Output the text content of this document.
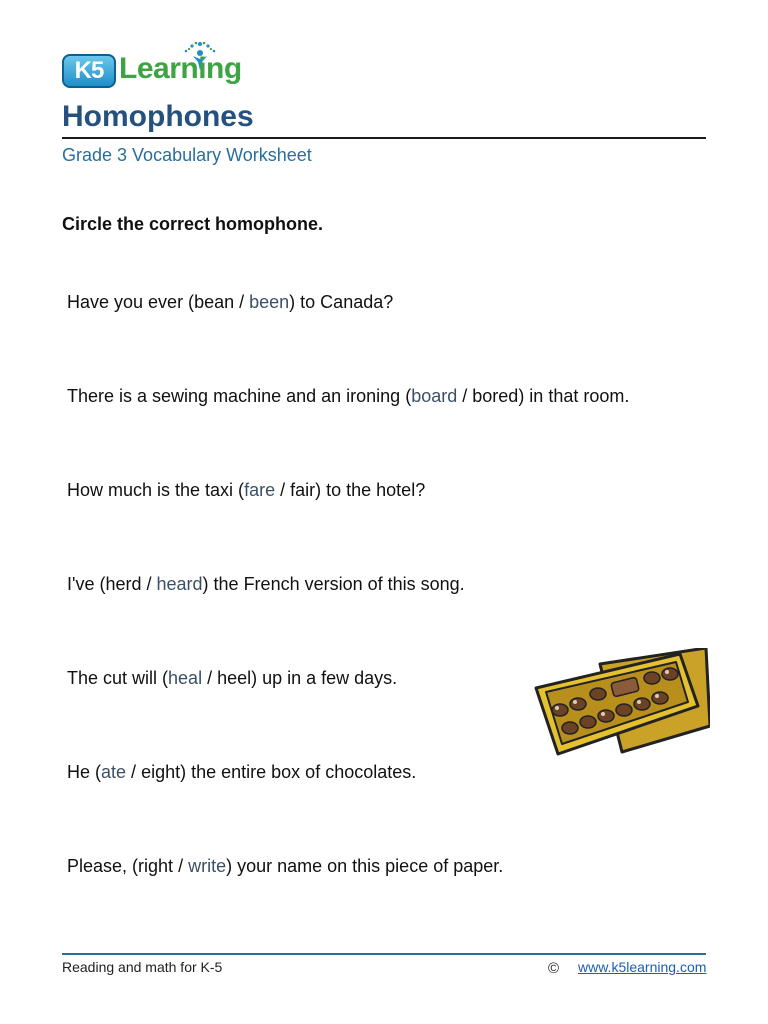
K5 Learning
Homophones
Grade 3 Vocabulary Worksheet
Circle the correct homophone.
Have you ever (bean / been) to Canada?
There is a sewing machine and an ironing (board / bored) in that room.
How much is the taxi (fare / fair) to the hotel?
I've (herd / heard) the French version of this song.
The cut will (heal / heel) up in a few days.
He (ate / eight) the entire box of chocolates.
Please, (right / write) your name on this piece of paper.
Reading and math for K-5	© www.k5learning.com
